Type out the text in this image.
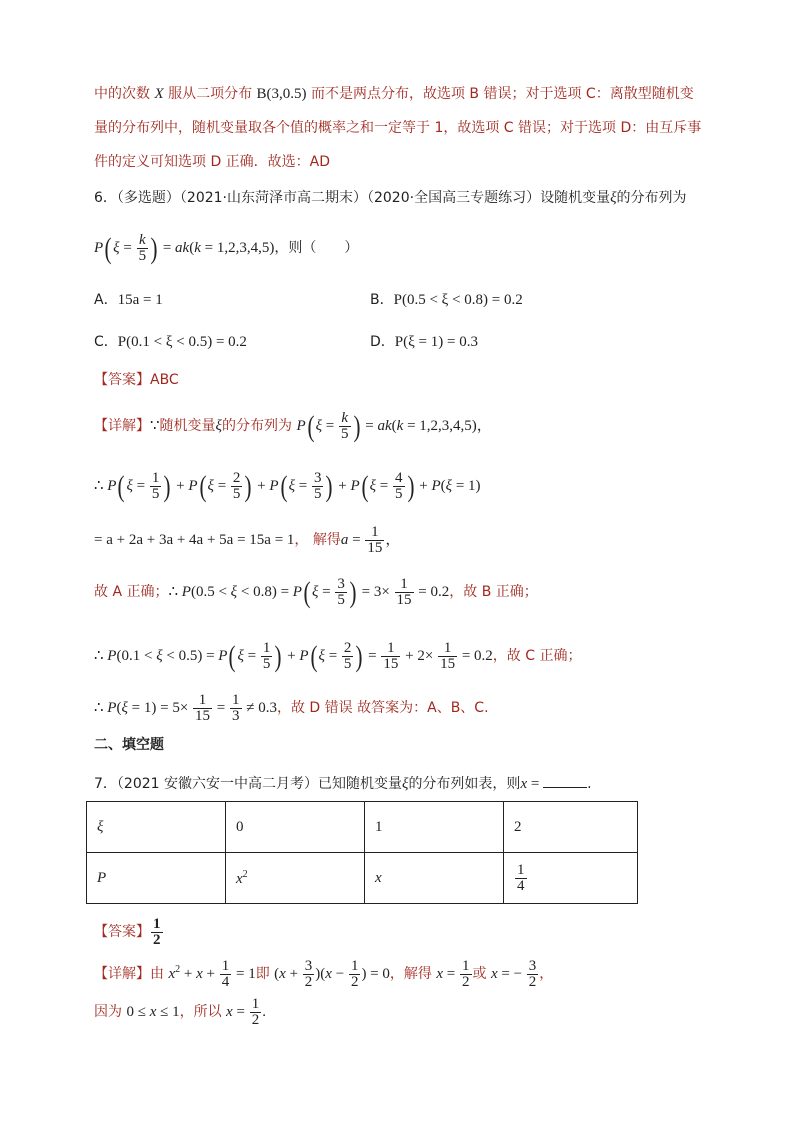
中的次数 X 服从二项分布 B(3,0.5) 而不是两点分布，故选项 B 错误；对于选项 C：离散型随机变
量的分布列中，随机变量取各个值的概率之和一定等于 1，故选项 C 错误；对于选项 D：由互斥事
件的定义可知选项 D 正确．故选：AD
6．（多选题）（2021·山东菏泽市高二期末）（2020·全国高三专题练习）设随机变量ξ的分布列为
P( $\xi = \frac{k}{5}$ ) = ak(k = 1,2,3,4,5)，则（　　）
A．15a = 1	B．P(0.5 < ξ < 0.8) = 0.2
C．P(0.1 < ξ < 0.5) = 0.2	D．P(ξ = 1) = 0.3
【答案】ABC
【详解】∵随机变量ξ的分布列为 P( $\xi = \frac{k}{5}$ ) = ak(k = 1,2,3,4,5)，
∴ P( $\xi = \frac{1}{5}$ ) + P( $\xi = \frac{2}{5}$ ) + P( $\xi = \frac{3}{5}$ ) + P( $\xi = \frac{4}{5}$ ) + P(ξ = 1)
= a + 2a + 3a + 4a + 5a = 15a = 1， 解得$a = \frac{1}{15}$ ，
故 A 正确；∴ P(0.5 < ξ < 0.8) = P( $\xi = \frac{3}{5}$ ) = $3\times \frac{1}{15} = 0.2$，故 B 正确；
∴ P(0.1 < ξ < 0.5) = P( $\xi = \frac{1}{5}$ ) + P( $\xi = \frac{2}{5}$ ) = $\frac{1}{15} + 2\times \frac{1}{15} = 0.2$，故 C 正确；
∴ $P(\xi = 1) = 5\times \frac{1}{15} = \frac{1}{3} \ne 0.3$，故 D 错误 故答案为：A、B、C.
二、填空题
7．（2021 安徽六安一中高二月考）已知随机变量ξ的分布列如表，则x =	.
ξ	0	1	2
P	$x^2$	x	$\frac{1}{4}$
【答案】 $\frac{1}{2}$
【详解】由 $x^2 + x + \frac{1}{4} = 1$即 $(x + \frac{3}{2} )(x - \frac{1}{2}$ ) = 0，解得 $x = \frac{1}{2}$ 或 x = − $\frac{3}{2}$ ，
因为 0 ≤ x ≤ 1，所以 $x = \frac{1}{2}$ .
